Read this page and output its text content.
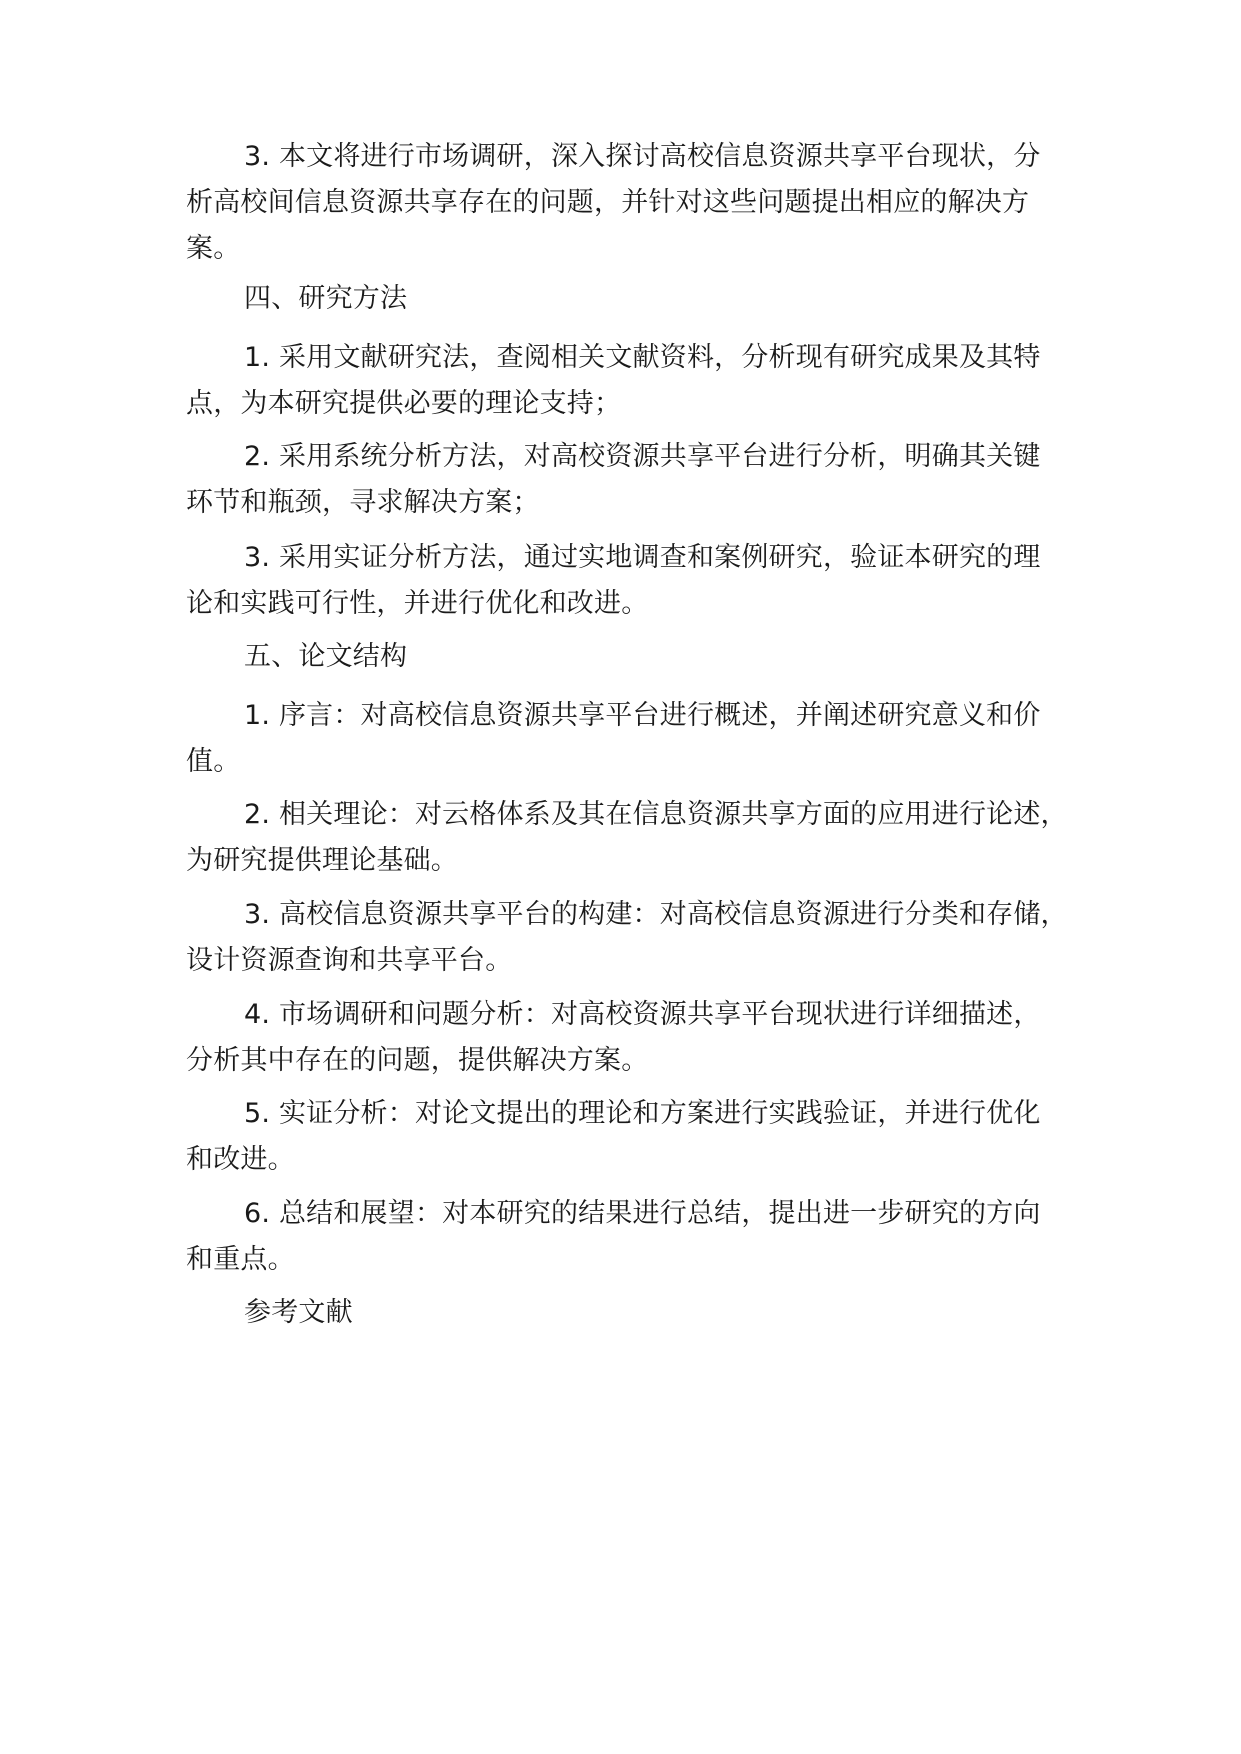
3. 本文将进行市场调研，深入探讨高校信息资源共享平台现状，分
析高校间信息资源共享存在的问题，并针对这些问题提出相应的解决方
案。
四、研究方法
1. 采用文献研究法，查阅相关文献资料，分析现有研究成果及其特
点，为本研究提供必要的理论支持；
2. 采用系统分析方法，对高校资源共享平台进行分析，明确其关键
环节和瓶颈，寻求解决方案；
3. 采用实证分析方法，通过实地调查和案例研究，验证本研究的理
论和实践可行性，并进行优化和改进。
五、论文结构
1. 序言：对高校信息资源共享平台进行概述，并阐述研究意义和价
值。
2. 相关理论：对云格体系及其在信息资源共享方面的应用进行论述，
为研究提供理论基础。
3. 高校信息资源共享平台的构建：对高校信息资源进行分类和存储，
设计资源查询和共享平台。
4. 市场调研和问题分析：对高校资源共享平台现状进行详细描述，
分析其中存在的问题，提供解决方案。
5. 实证分析：对论文提出的理论和方案进行实践验证，并进行优化
和改进。
6. 总结和展望：对本研究的结果进行总结，提出进一步研究的方向
和重点。
参考文献
